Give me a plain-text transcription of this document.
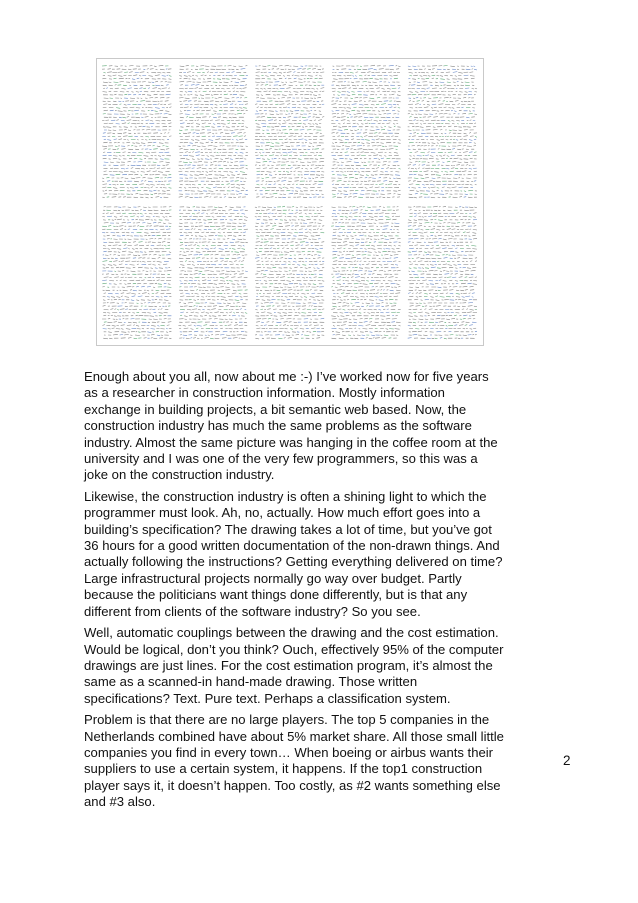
Enough about you all, now about me :-) I’ve worked now for five years as a researcher in construction information. Mostly information exchange in building projects, a bit semantic web based. Now, the construction industry has much the same problems as the software industry. Almost the same picture was hanging in the coffee room at the university and I was one of the very few programmers, so this was a joke on the construction industry.

Likewise, the construction industry is often a shining light to which the programmer must look. Ah, no, actually. How much effort goes into a building’s specification? The drawing takes a lot of time, but you’ve got 36 hours for a good written documentation of the non-drawn things. And actually following the instructions? Getting everything delivered on time? Large infrastructural projects normally go way over budget. Partly because the politicians want things done differently, but is that any different from clients of the software industry? So you see.

Well, automatic couplings between the drawing and the cost estimation. Would be logical, don’t you think? Ouch, effectively 95% of the computer drawings are just lines. For the cost estimation program, it’s almost the same as a scanned-in hand-made drawing. Those written specifications? Text. Pure text. Perhaps a classification system.

Problem is that there are no large players. The top 5 companies in the Netherlands combined have about 5% market share. All those small little companies you find in every town… When boeing or airbus wants their suppliers to use a certain system, it happens. If the top1 construction player says it, it doesn’t happen. Too costly, as #2 wants something else and #3 also.

2
